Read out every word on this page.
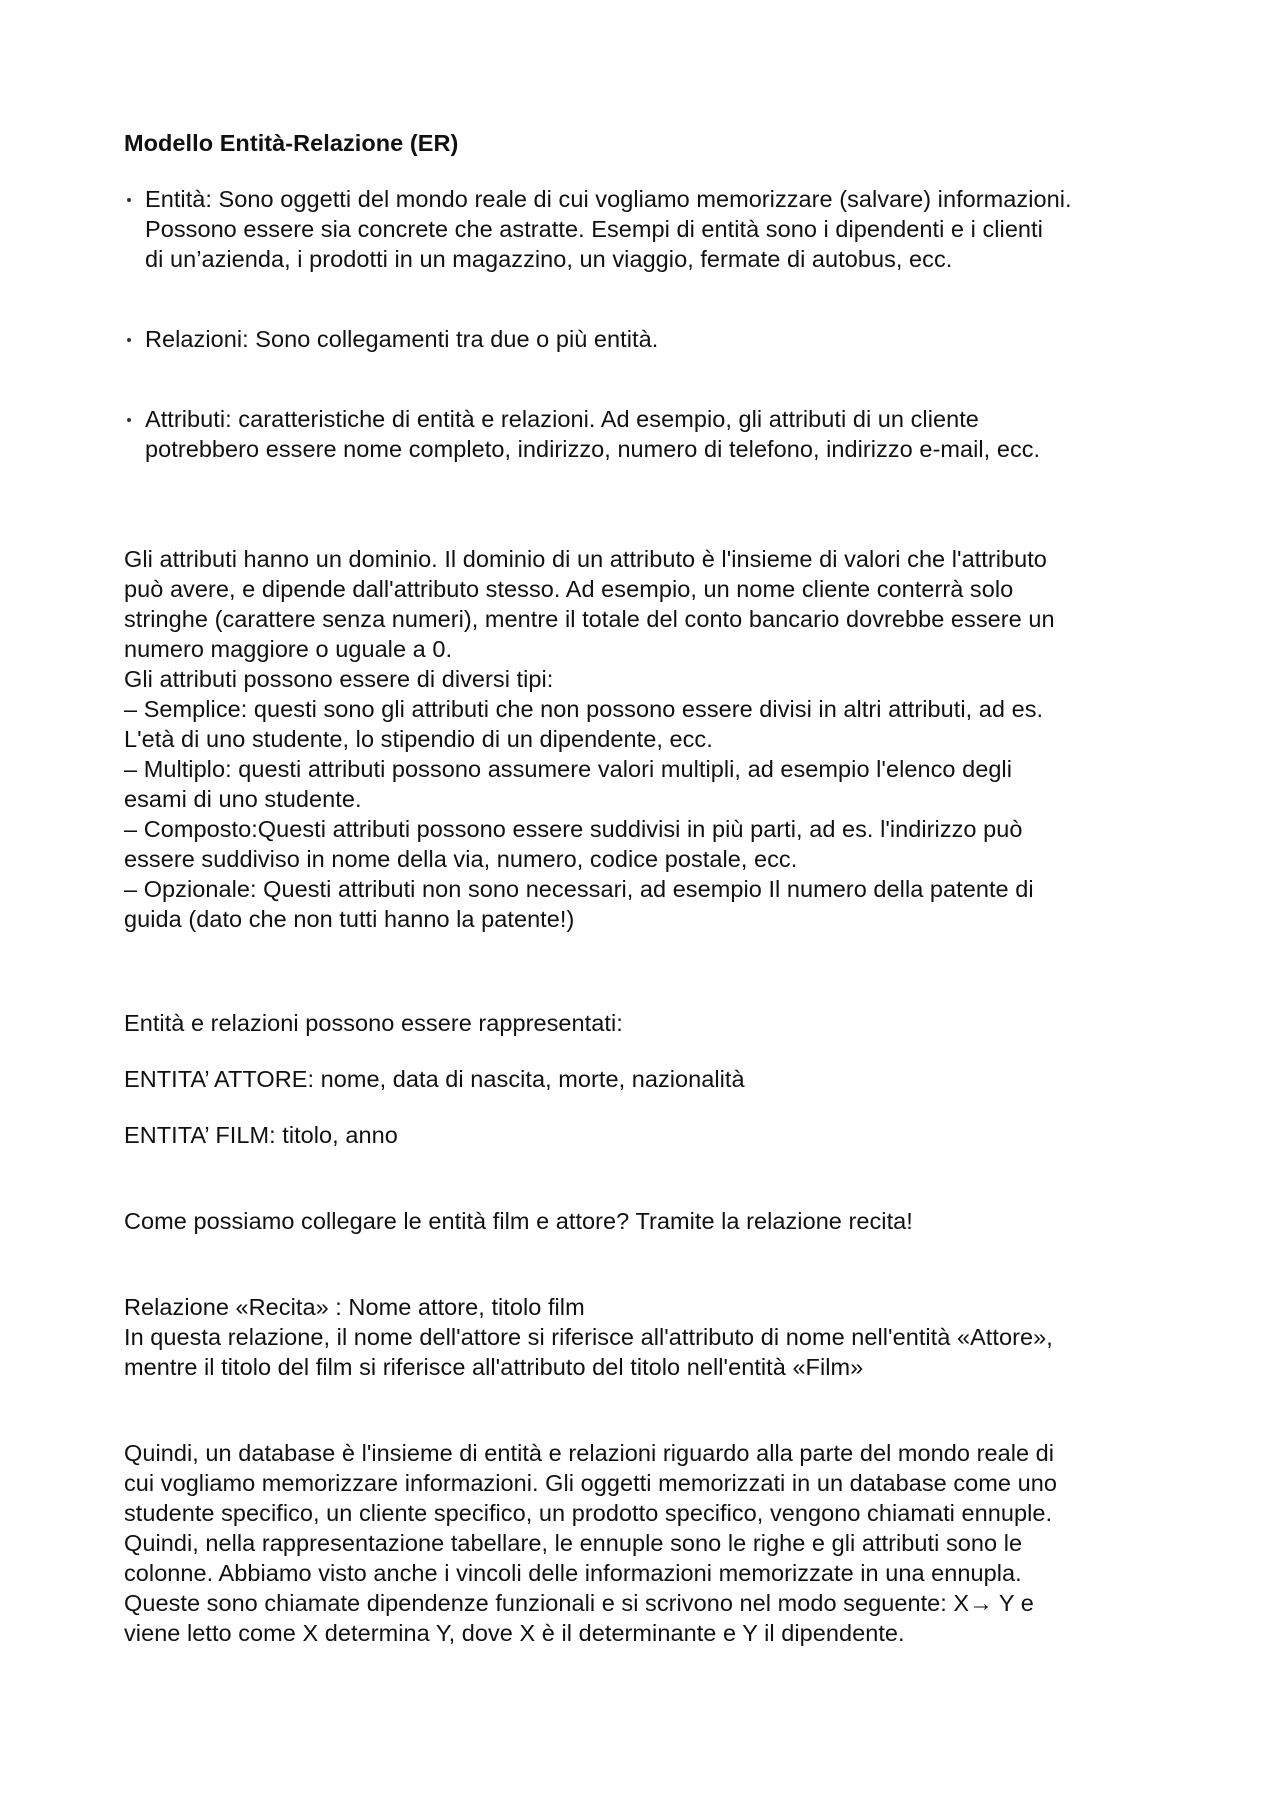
Modello Entità-Relazione (ER)
Entità: Sono oggetti del mondo reale di cui vogliamo memorizzare (salvare) informazioni.
Possono essere sia concrete che astratte. Esempi di entità sono i dipendenti e i clienti
di un’azienda, i prodotti in un magazzino, un viaggio, fermate di autobus, ecc.
Relazioni: Sono collegamenti tra due o più entità.
Attributi: caratteristiche di entità e relazioni. Ad esempio, gli attributi di un cliente
potrebbero essere nome completo, indirizzo, numero di telefono, indirizzo e-mail, ecc.

Gli attributi hanno un dominio. Il dominio di un attributo è l'insieme di valori che l'attributo
può avere, e dipende dall'attributo stesso. Ad esempio, un nome cliente conterrà solo
stringhe (carattere senza numeri), mentre il totale del conto bancario dovrebbe essere un
numero maggiore o uguale a 0.
Gli attributi possono essere di diversi tipi:
– Semplice: questi sono gli attributi che non possono essere divisi in altri attributi, ad es.
L'età di uno studente, lo stipendio di un dipendente, ecc.
– Multiplo: questi attributi possono assumere valori multipli, ad esempio l'elenco degli
esami di uno studente.
– Composto:Questi attributi possono essere suddivisi in più parti, ad es. l'indirizzo può
essere suddiviso in nome della via, numero, codice postale, ecc.
– Opzionale: Questi attributi non sono necessari, ad esempio Il numero della patente di
guida (dato che non tutti hanno la patente!)

Entità e relazioni possono essere rappresentati:

ENTITA’ ATTORE: nome, data di nascita, morte, nazionalità

ENTITA’ FILM: titolo, anno

Come possiamo collegare le entità film e attore? Tramite la relazione recita!

Relazione «Recita» : Nome attore, titolo film
In questa relazione, il nome dell'attore si riferisce all'attributo di nome nell'entità «Attore»,
mentre il titolo del film si riferisce all'attributo del titolo nell'entità «Film»

Quindi, un database è l'insieme di entità e relazioni riguardo alla parte del mondo reale di
cui vogliamo memorizzare informazioni. Gli oggetti memorizzati in un database come uno
studente specifico, un cliente specifico, un prodotto specifico, vengono chiamati ennuple.
Quindi, nella rappresentazione tabellare, le ennuple sono le righe e gli attributi sono le
colonne. Abbiamo visto anche i vincoli delle informazioni memorizzate in una ennupla.
Queste sono chiamate dipendenze funzionali e si scrivono nel modo seguente: X→ Y e
viene letto come X determina Y, dove X è il determinante e Y il dipendente.
